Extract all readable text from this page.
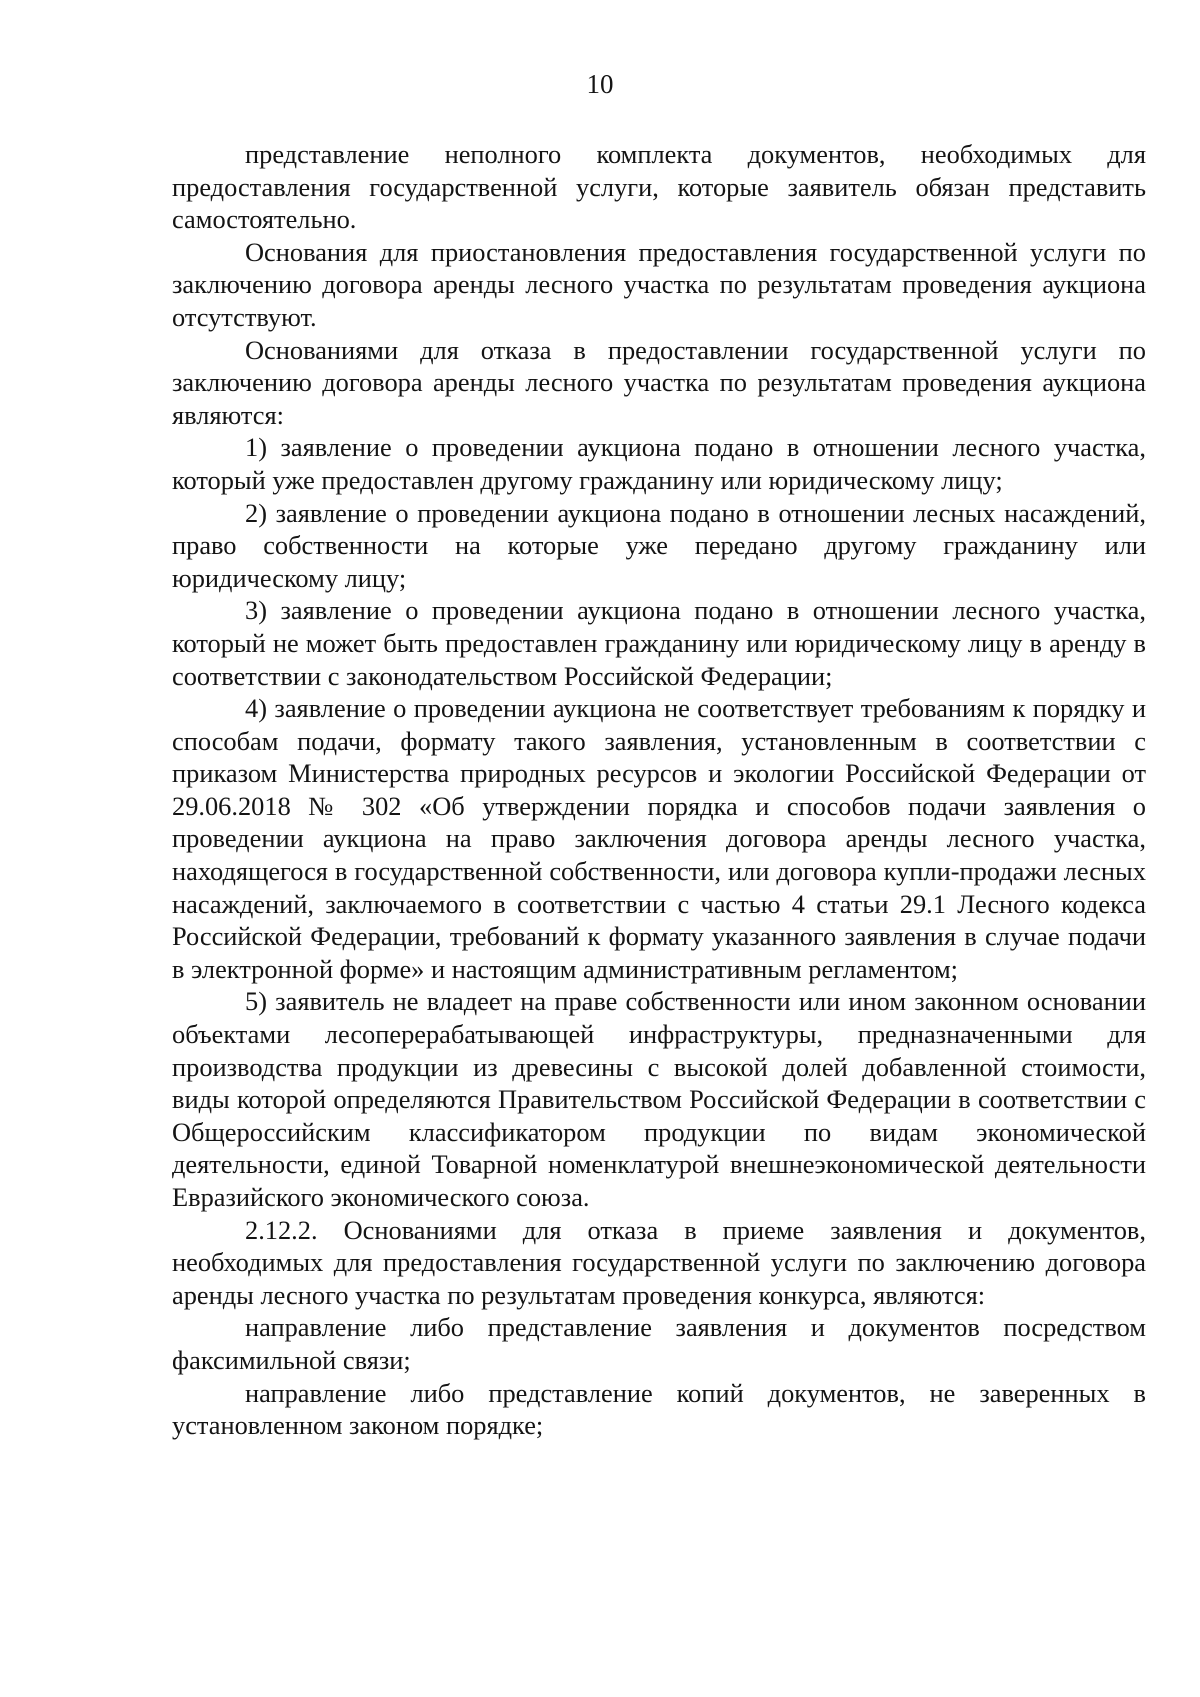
10

представление неполного комплекта документов, необходимых для предоставления государственной услуги, которые заявитель обязан представить самостоятельно.

Основания для приостановления предоставления государственной услуги по заключению договора аренды лесного участка по результатам проведения аукциона отсутствуют.

Основаниями для отказа в предоставлении государственной услуги по заключению договора аренды лесного участка по результатам проведения аукциона являются:

1) заявление о проведении аукциона подано в отношении лесного участка, который уже предоставлен другому гражданину или юридическому лицу;

2) заявление о проведении аукциона подано в отношении лесных насаждений, право собственности на которые уже передано другому гражданину или юридическому лицу;

3) заявление о проведении аукциона подано в отношении лесного участка, который не может быть предоставлен гражданину или юридическому лицу в аренду в соответствии с законодательством Российской Федерации;

4) заявление о проведении аукциона не соответствует требованиям к порядку и способам подачи, формату такого заявления, установленным в соответствии с приказом Министерства природных ресурсов и экологии Российской Федерации от 29.06.2018 № 302 «Об утверждении порядка и способов подачи заявления о проведении аукциона на право заключения договора аренды лесного участка, находящегося в государственной собственности, или договора купли-продажи лесных насаждений, заключаемого в соответствии с частью 4 статьи 29.1 Лесного кодекса Российской Федерации, требований к формату указанного заявления в случае подачи в электронной форме» и настоящим административным регламентом;

5) заявитель не владеет на праве собственности или ином законном основании объектами лесоперерабатывающей инфраструктуры, предназначенными для производства продукции из древесины с высокой долей добавленной стоимости, виды которой определяются Правительством Российской Федерации в соответствии с Общероссийским классификатором продукции по видам экономической деятельности, единой Товарной номенклатурой внешнеэкономической деятельности Евразийского экономического союза.

2.12.2. Основаниями для отказа в приеме заявления и документов, необходимых для предоставления государственной услуги по заключению договора аренды лесного участка по результатам проведения конкурса, являются:

направление либо представление заявления и документов посредством факсимильной связи;

направление либо представление копий документов, не заверенных в установленном законом порядке;
